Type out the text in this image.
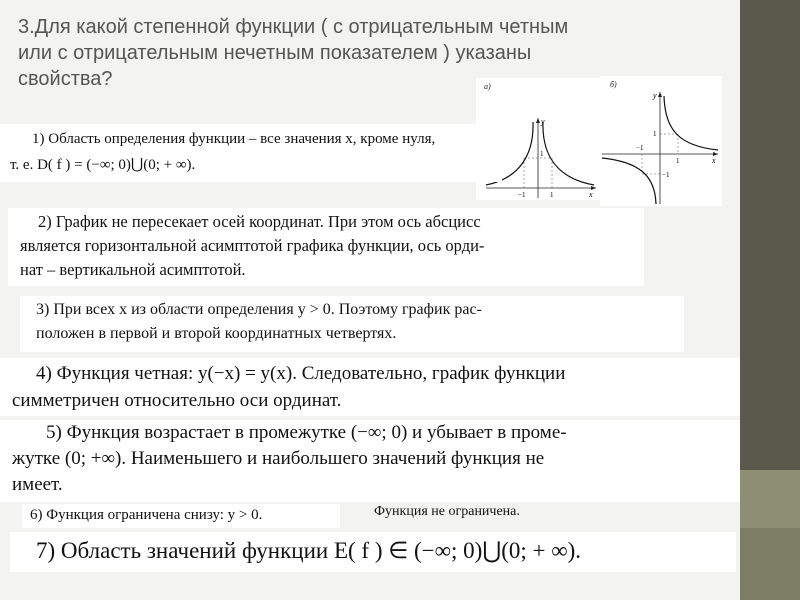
3.Для какой степенной функции ( с отрицательным четным
или с отрицательным нечетным показателем ) указаны
свойства?	а)
y
x
1
−1	1
б)
y
x
1
−1
−1
1
1) Область определения функции – все значения x, кроме нуля,
т. е. D( f ) = (−∞; 0)⋃(0; + ∞).
2) График не пересекает осей координат. При этом ось абсцисс
является горизонтальной асимптотой графика функции, ось орди-
нат – вертикальной асимптотой.
3) При всех x из области определения y > 0. Поэтому график рас-
положен в первой и второй координатных четвертях.
4) Функция четная: y(−x) = y(x). Следовательно, график функции
симметричен относительно оси ординат.
5) Функция возрастает в промежутке (−∞; 0) и убывает в проме-
жутке (0; +∞). Наименьшего и наибольшего значений функция не
имеет.
6) Функция ограничена снизу: y > 0.	Функция не ограничена.
7) Область значений функции E( f ) ∈ (−∞; 0)⋃(0; + ∞).
